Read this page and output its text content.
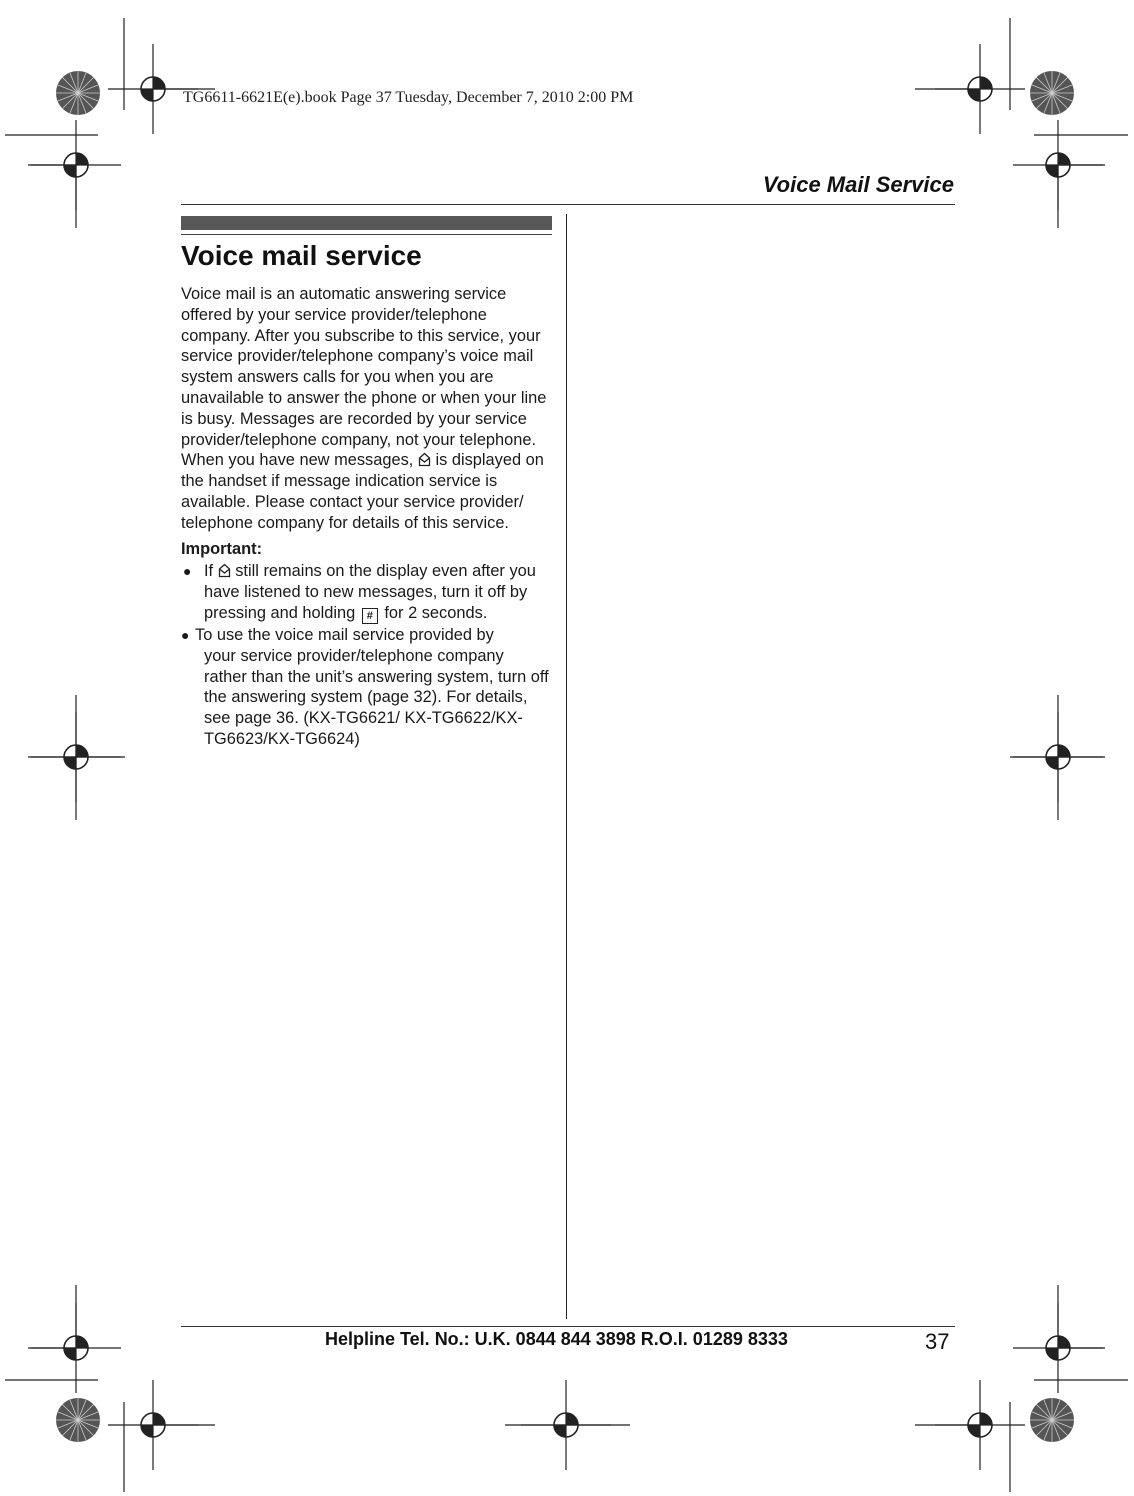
TG6611-6621E(e).book Page 37 Tuesday, December 7, 2010 2:00 PM
Voice Mail Service
Voice mail service

Voice mail is an automatic answering service offered by your service provider/telephone company. After you subscribe to this service, your service provider/telephone company’s voice mail system answers calls for you when you are unavailable to answer the phone or when your line is busy. Messages are recorded by your service provider/telephone company, not your telephone. When you have new messages,  is displayed on the handset if message indication service is available. Please contact your service provider/ telephone company for details of this service.

Important:

● If  still remains on the display even after you have listened to new messages, turn it off by pressing and holding # for 2 seconds.
● To use the voice mail service provided by
your service provider/telephone company rather than the unit’s answering system, turn off the answering system (page 32). For details, see page 36. (KX-TG6621/ KX-TG6622/KX-TG6623/KX-TG6624)
Helpline Tel. No.: U.K. 0844 844 3898 R.O.I. 01289 8333	37
